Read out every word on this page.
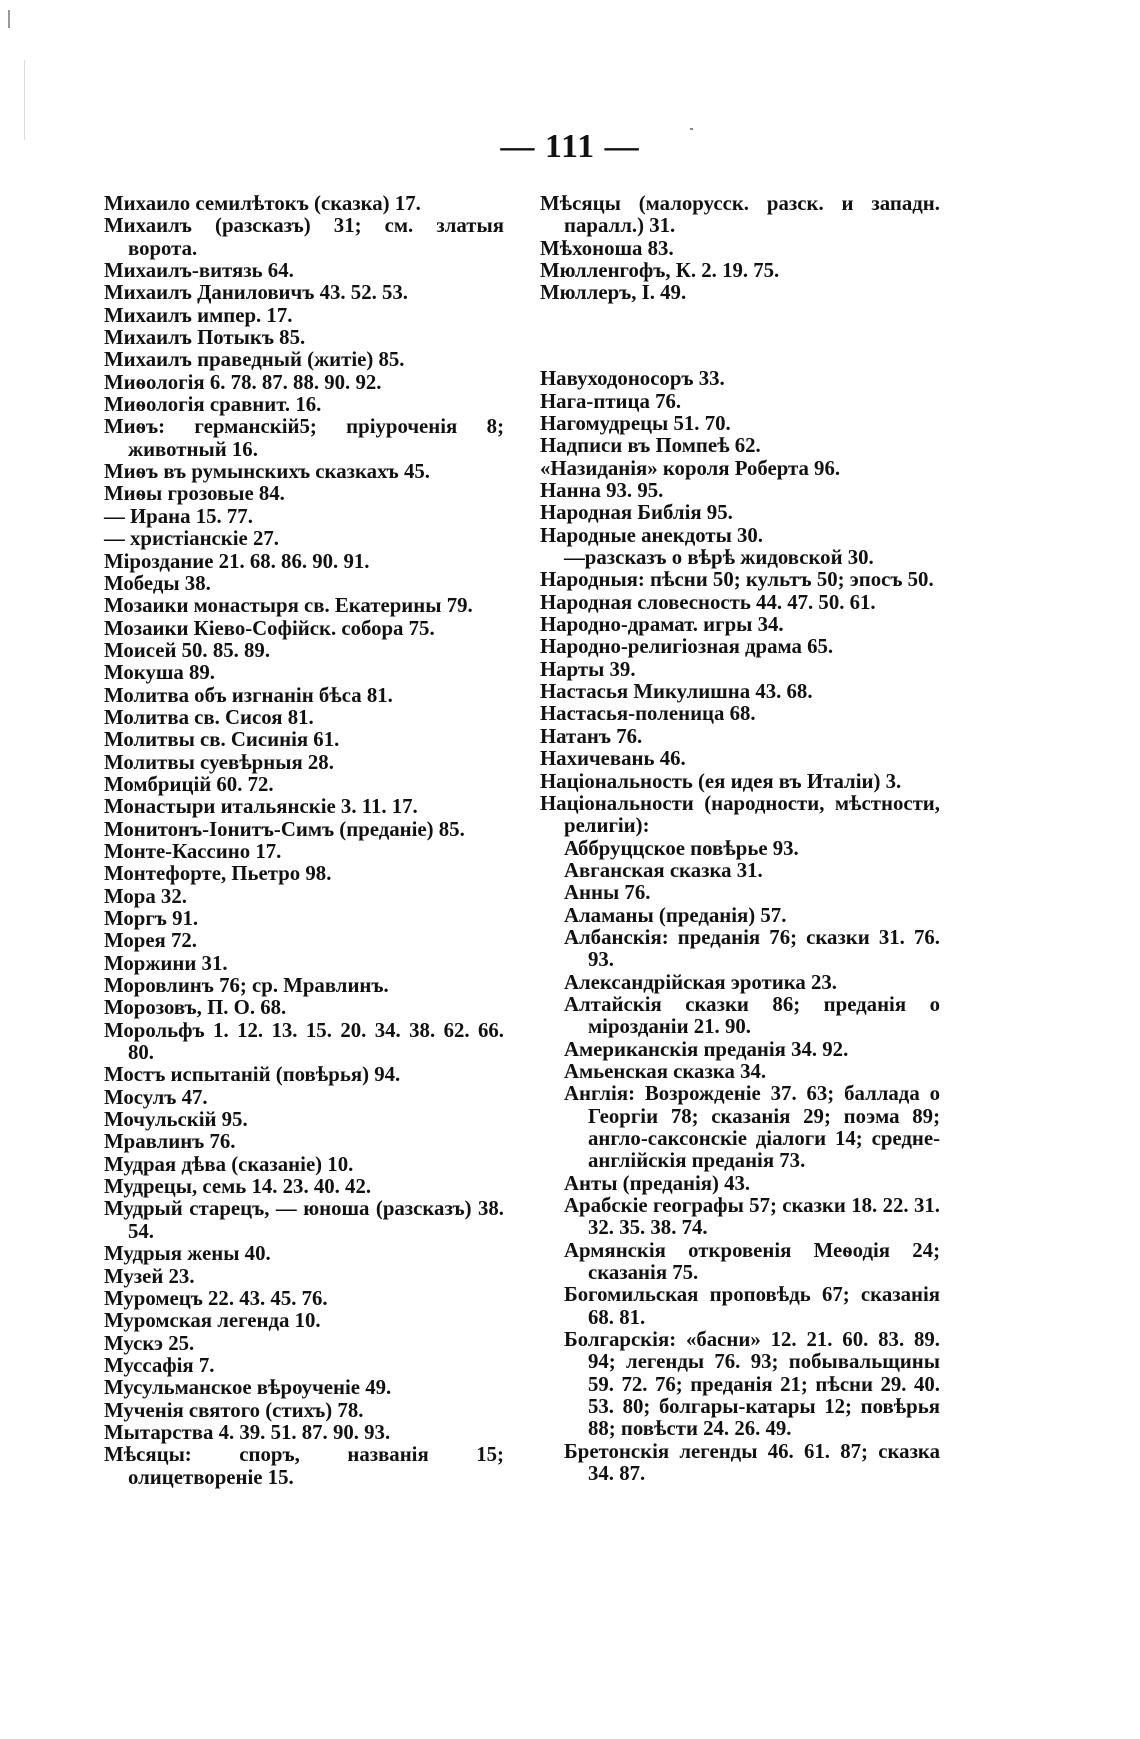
— 111 —

Михаило семилѣтокъ (сказка) 17.

Михаилъ (разсказъ) 31; см. златыя ворота.

Михаилъ-витязь 64.

Михаилъ Даниловичъ 43. 52. 53.

Михаилъ импер. 17.

Михаилъ Потыкъ 85.

Михаилъ праведный (житіе) 85.

Миѳологія 6. 78. 87. 88. 90. 92.

Миѳологія сравнит. 16.

Миѳъ: германскій5; пріуроченія 8; животный 16.

Миѳъ въ румынскихъ сказкахъ 45.

Миѳы грозовые 84.

— Ирана 15. 77.

— христіанскіе 27.

Міроздание 21. 68. 86. 90. 91.

Мобеды 38.

Мозаики монастыря св. Екатерины 79.

Мозаики Кіево-Софійск. собора 75.

Моисей 50. 85. 89.

Мокуша 89.

Молитва объ изгнанін бѣса 81.

Молитва св. Сисоя 81.

Молитвы св. Сисинія 61.

Молитвы суевѣрныя 28.

Момбрицій 60. 72.

Монастыри итальянскіе 3. 11. 17.

Монитонъ-Іонитъ-Симъ (преданіе) 85.

Монте-Кассино 17.

Монтефорте, Пьетро 98.

Мора 32.

Моргъ 91.

Морея 72.

Моржини 31.

Моровлинъ 76; ср. Мравлинъ.

Морозовъ, П. О. 68.

Морольфъ 1. 12. 13. 15. 20. 34. 38. 62. 66. 80.

Мостъ испытаній (повѣрья) 94.

Мосулъ 47.

Мочульскій 95.

Мравлинъ 76.

Мудрая дѣва (сказаніе) 10.

Мудрецы, семь 14. 23. 40. 42.

Мудрый старецъ, — юноша (разсказъ) 38. 54.

Мудрыя жены 40.

Музей 23.

Муромецъ 22. 43. 45. 76.

Муромская легенда 10.

Мускэ 25.

Муссафія 7.

Мусульманское вѣроученіе 49.

Мученія святого (стихъ) 78.

Мытарства 4. 39. 51. 87. 90. 93.

Мѣсяцы: споръ, названія 15; олицетвореніе 15.

Мѣсяцы (малорусск. разск. и западн. паралл.) 31.

Мѣхоноша 83.

Мюлленгофъ, К. 2. 19. 75.

Мюллеръ, I. 49.

Навуходоносоръ 33.

Нага-птица 76.

Нагомудрецы 51. 70.

Надписи въ Помпеѣ 62.

«Назиданія» короля Роберта 96.

Нанна 93. 95.

Народная Библія 95.

Народные анекдоты 30.

—разсказъ о вѣрѣ жидовской 30.

Народныя: пѣсни 50; культъ 50; эпосъ 50.

Народная словесность 44. 47. 50. 61.

Народно-драмат. игры 34.

Народно-религіозная драма 65.

Нарты 39.

Настасья Микулишна 43. 68.

Настасья-поленица 68.

Натанъ 76.

Нахичевань 46.

Національность (ея идея въ Италіи) 3.

Національности (народности, мѣстности, религіи):

Аббруццское повѣрье 93.

Авганская сказка 31.

Анны 76.

Аламаны (преданія) 57.

Албанскія: преданія 76; сказки 31. 76. 93.

Александрійская эротика 23.

Алтайскія сказки 86; преданія о мірозданіи 21. 90.

Американскія преданія 34. 92.

Амьенская сказка 34.

Англія: Возрожденіе 37. 63; баллада о Георгіи 78; сказанія 29; поэма 89; англо-саксонскіе діалоги 14; средне-англійскія преданія 73.

Анты (преданія) 43.

Арабскіе географы 57; сказки 18. 22. 31. 32. 35. 38. 74.

Армянскія откровенія Меѳодія 24; сказанія 75.

Богомильская проповѣдь 67; сказанія 68. 81.

Болгарскія: «басни» 12. 21. 60. 83. 89. 94; легенды 76. 93; побывальщины 59. 72. 76; преданія 21; пѣсни 29. 40. 53. 80; болгары-катары 12; повѣрья 88; повѣсти 24. 26. 49.

Бретонскія легенды 46. 61. 87; сказка 34. 87.
